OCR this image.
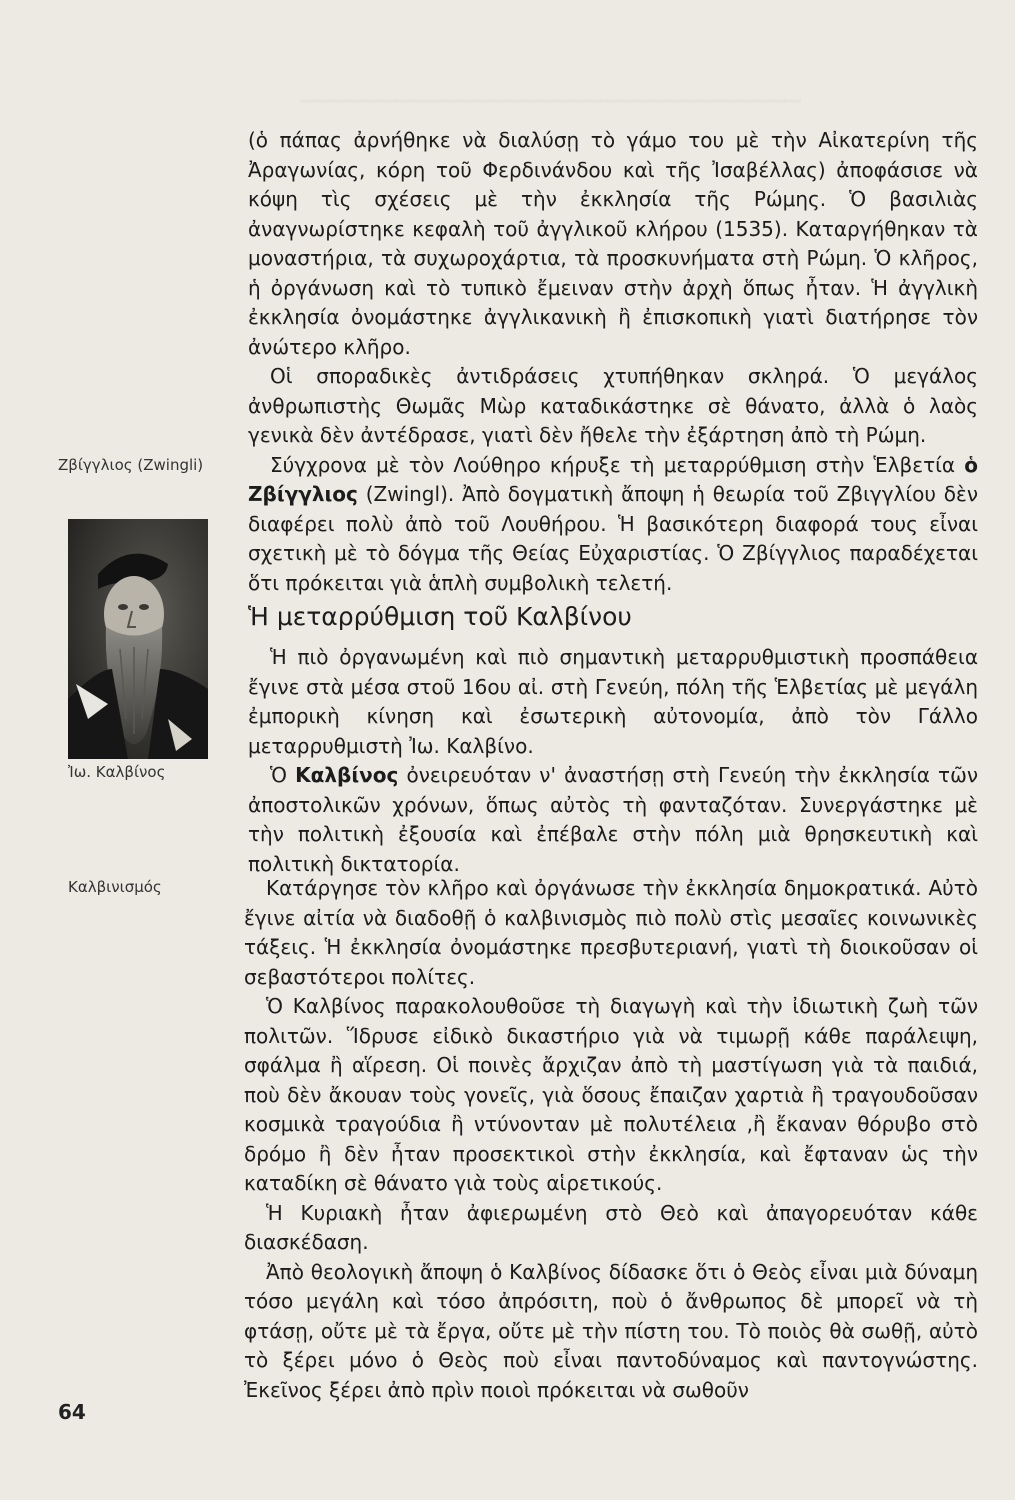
▔▔▔▔▔▔▔▔▔▔▔▔▔▔▔▔▔▔▔▔▔▔▔▔▔▔▔▔▔▔▔
Ζβίγγλιος (Zwingli)
Ἰω. Καλβίνος
Καλβινισμός
64

(ὁ πάπας ἀρνήθηκε νὰ διαλύσῃ τὸ γάμο του μὲ τὴν Αἰκατερίνη τῆς Ἀραγωνίας, κόρη τοῦ Φερδινάνδου καὶ τῆς Ἰσαβέλλας) ἀποφάσισε νὰ κόψη τὶς σχέσεις μὲ τὴν ἐκκλησία τῆς Ρώμης. Ὁ βασιλιὰς ἀναγνωρίστηκε κεφαλὴ τοῦ ἀγγλικοῦ κλήρου (1535). Καταργήθηκαν τὰ μοναστήρια, τὰ συχωροχάρτια, τὰ προσκυνήματα στὴ Ρώμη. Ὁ κλῆρος, ἡ ὀργάνωση καὶ τὸ τυπικὸ ἔμειναν στὴν ἀρχὴ ὅπως ἦταν. Ἡ ἀγγλικὴ ἐκκλησία ὀνομάστηκε ἀγγλικανικὴ ἢ ἐπισκοπικὴ γιατὶ διατήρησε τὸν ἀνώτερο κλῆρο.

Οἱ σποραδικὲς ἀντιδράσεις χτυπήθηκαν σκληρά. Ὁ μεγάλος ἀνθρωπιστὴς Θωμᾶς Μὼρ καταδικάστηκε σὲ θάνατο, ἀλλὰ ὁ λαὸς γενικὰ δὲν ἀντέδρασε, γιατὶ δὲν ἤθελε τὴν ἐξάρτηση ἀπὸ τὴ Ρώμη.

Σύγχρονα μὲ τὸν Λούθηρο κήρυξε τὴ μεταρρύθμιση στὴν Ἑλβετία ὁ Ζβίγγλιος (Zwingl). Ἀπὸ δογματικὴ ἄποψη ἡ θεωρία τοῦ Ζβιγγλίου δὲν διαφέρει πολὺ ἀπὸ τοῦ Λουθήρου. Ἡ βασικότερη διαφορά τους εἶναι σχετικὴ μὲ τὸ δόγμα τῆς Θείας Εὐχαριστίας. Ὁ Ζβίγγλιος παραδέχεται ὅτι πρόκειται γιὰ ἁπλὴ συμβολικὴ τελετή.

Ἡ μεταρρύθμιση τοῦ Καλβίνου

Ἡ πιὸ ὀργανωμένη καὶ πιὸ σημαντικὴ μεταρρυθμιστικὴ προσπάθεια ἔγινε στὰ μέσα στοῦ 16ου αἰ. στὴ Γενεύη, πόλη τῆς Ἑλβετίας μὲ μεγάλη ἐμπορικὴ κίνηση καὶ ἐσωτερικὴ αὐτονομία, ἀπὸ τὸν Γάλλο μεταρρυθμιστὴ Ἰω. Καλβίνο.

Ὁ Καλβίνος ὀνειρευόταν ν' ἀναστήσῃ στὴ Γενεύη τὴν ἐκκλησία τῶν ἀποστολικῶν χρόνων, ὅπως αὐτὸς τὴ φανταζόταν. Συνεργάστηκε μὲ τὴν πολιτικὴ ἐξουσία καὶ ἐπέβαλε στὴν πόλη μιὰ θρησκευτικὴ καὶ πολιτικὴ δικτατορία.

Κατάργησε τὸν κλῆρο καὶ ὀργάνωσε τὴν ἐκκλησία δημοκρατικά. Αὐτὸ ἔγινε αἰτία νὰ διαδοθῇ ὁ καλβινισμὸς πιὸ πολὺ στὶς μεσαῖες κοινωνικὲς τάξεις. Ἡ ἐκκλησία ὀνομάστηκε πρεσβυτεριανή, γιατὶ τὴ διοικοῦσαν οἱ σεβαστότεροι πολίτες.

Ὁ Καλβίνος παρακολουθοῦσε τὴ διαγωγὴ καὶ τὴν ἰδιωτικὴ ζωὴ τῶν πολιτῶν. Ἵδρυσε εἰδικὸ δικαστήριο γιὰ νὰ τιμωρῇ κάθε παράλειψη, σφάλμα ἢ αἵρεση. Οἱ ποινὲς ἄρχιζαν ἀπὸ τὴ μαστίγωση γιὰ τὰ παιδιά, ποὺ δὲν ἄκουαν τοὺς γονεῖς, γιὰ ὅσους ἔπαιζαν χαρτιὰ ἢ τραγουδοῦσαν κοσμικὰ τραγούδια ἢ ντύνονταν μὲ πολυτέλεια ,ἢ ἔκαναν θόρυβο στὸ δρόμο ἢ δὲν ἦταν προσεκτικοὶ στὴν ἐκκλησία, καὶ ἔφταναν ὡς τὴν καταδίκη σὲ θάνατο γιὰ τοὺς αἱρετικούς.

Ἡ Κυριακὴ ἦταν ἀφιερωμένη στὸ Θεὸ καὶ ἀπαγορευόταν κάθε διασκέδαση.

Ἀπὸ θεολογικὴ ἄποψη ὁ Καλβίνος δίδασκε ὅτι ὁ Θεὸς εἶναι μιὰ δύναμη τόσο μεγάλη καὶ τόσο ἀπρόσιτη, ποὺ ὁ ἄνθρωπος δὲ μπορεῖ νὰ τὴ φτάσῃ, οὔτε μὲ τὰ ἔργα, οὔτε μὲ τὴν πίστη του. Τὸ ποιὸς θὰ σωθῇ, αὐτὸ τὸ ξέρει μόνο ὁ Θεὸς ποὺ εἶναι παντοδύναμος καὶ παντογνώστης. Ἐκεῖνος ξέρει ἀπὸ πρὶν ποιοὶ πρόκειται νὰ σωθοῦν
